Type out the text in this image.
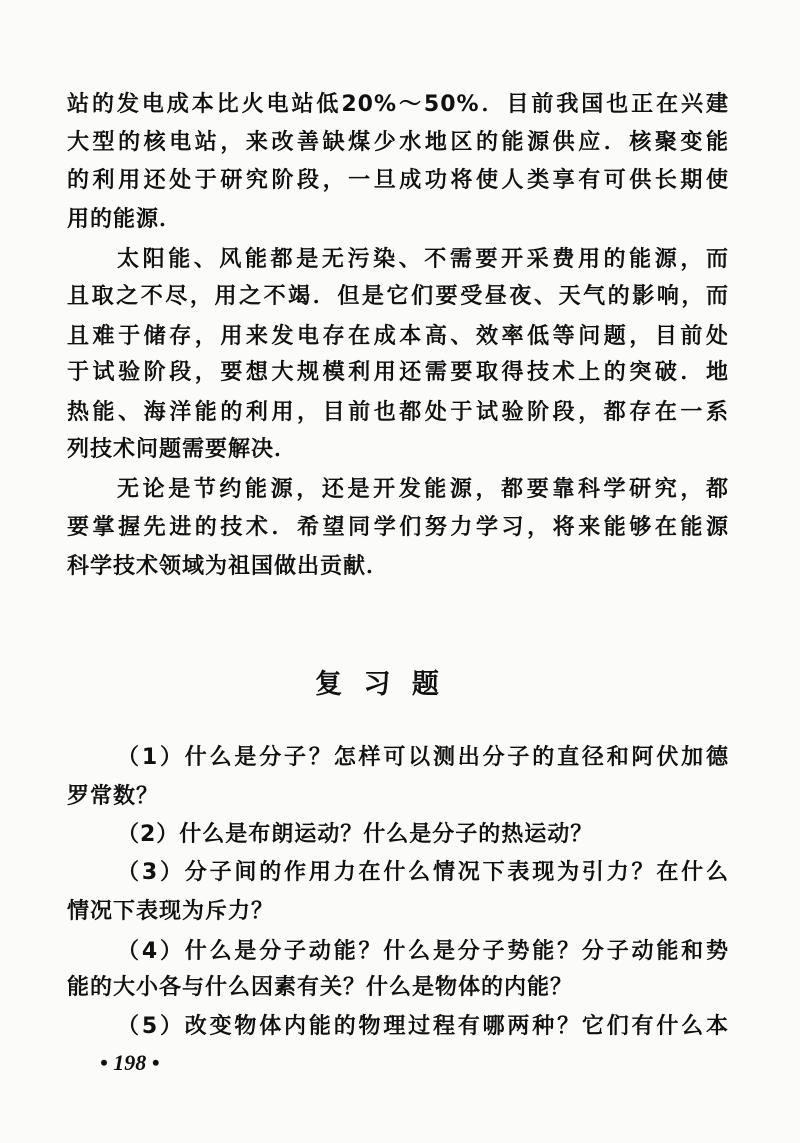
站的发电成本比火电站低20%～50%．目前我国也正在兴建
大型的核电站，来改善缺煤少水地区的能源供应．核聚变能
的利用还处于研究阶段，一旦成功将使人类享有可供长期使
用的能源．
太阳能、风能都是无污染、不需要开采费用的能源，而
且取之不尽，用之不竭．但是它们要受昼夜、天气的影响，而
且难于储存，用来发电存在成本高、效率低等问题，目前处
于试验阶段，要想大规模利用还需要取得技术上的突破．地
热能、海洋能的利用，目前也都处于试验阶段，都存在一系
列技术问题需要解决．
无论是节约能源，还是开发能源，都要靠科学研究，都
要掌握先进的技术．希望同学们努力学习，将来能够在能源
科学技术领域为祖国做出贡献．
复 习 题
（1）什么是分子？怎样可以测出分子的直径和阿伏加德
罗常数？
（2）什么是布朗运动？什么是分子的热运动？
（3）分子间的作用力在什么情况下表现为引力？在什么
情况下表现为斥力？
（4）什么是分子动能？什么是分子势能？分子动能和势
能的大小各与什么因素有关？什么是物体的内能？
（5）改变物体内能的物理过程有哪两种？它们有什么本
• 198 •
